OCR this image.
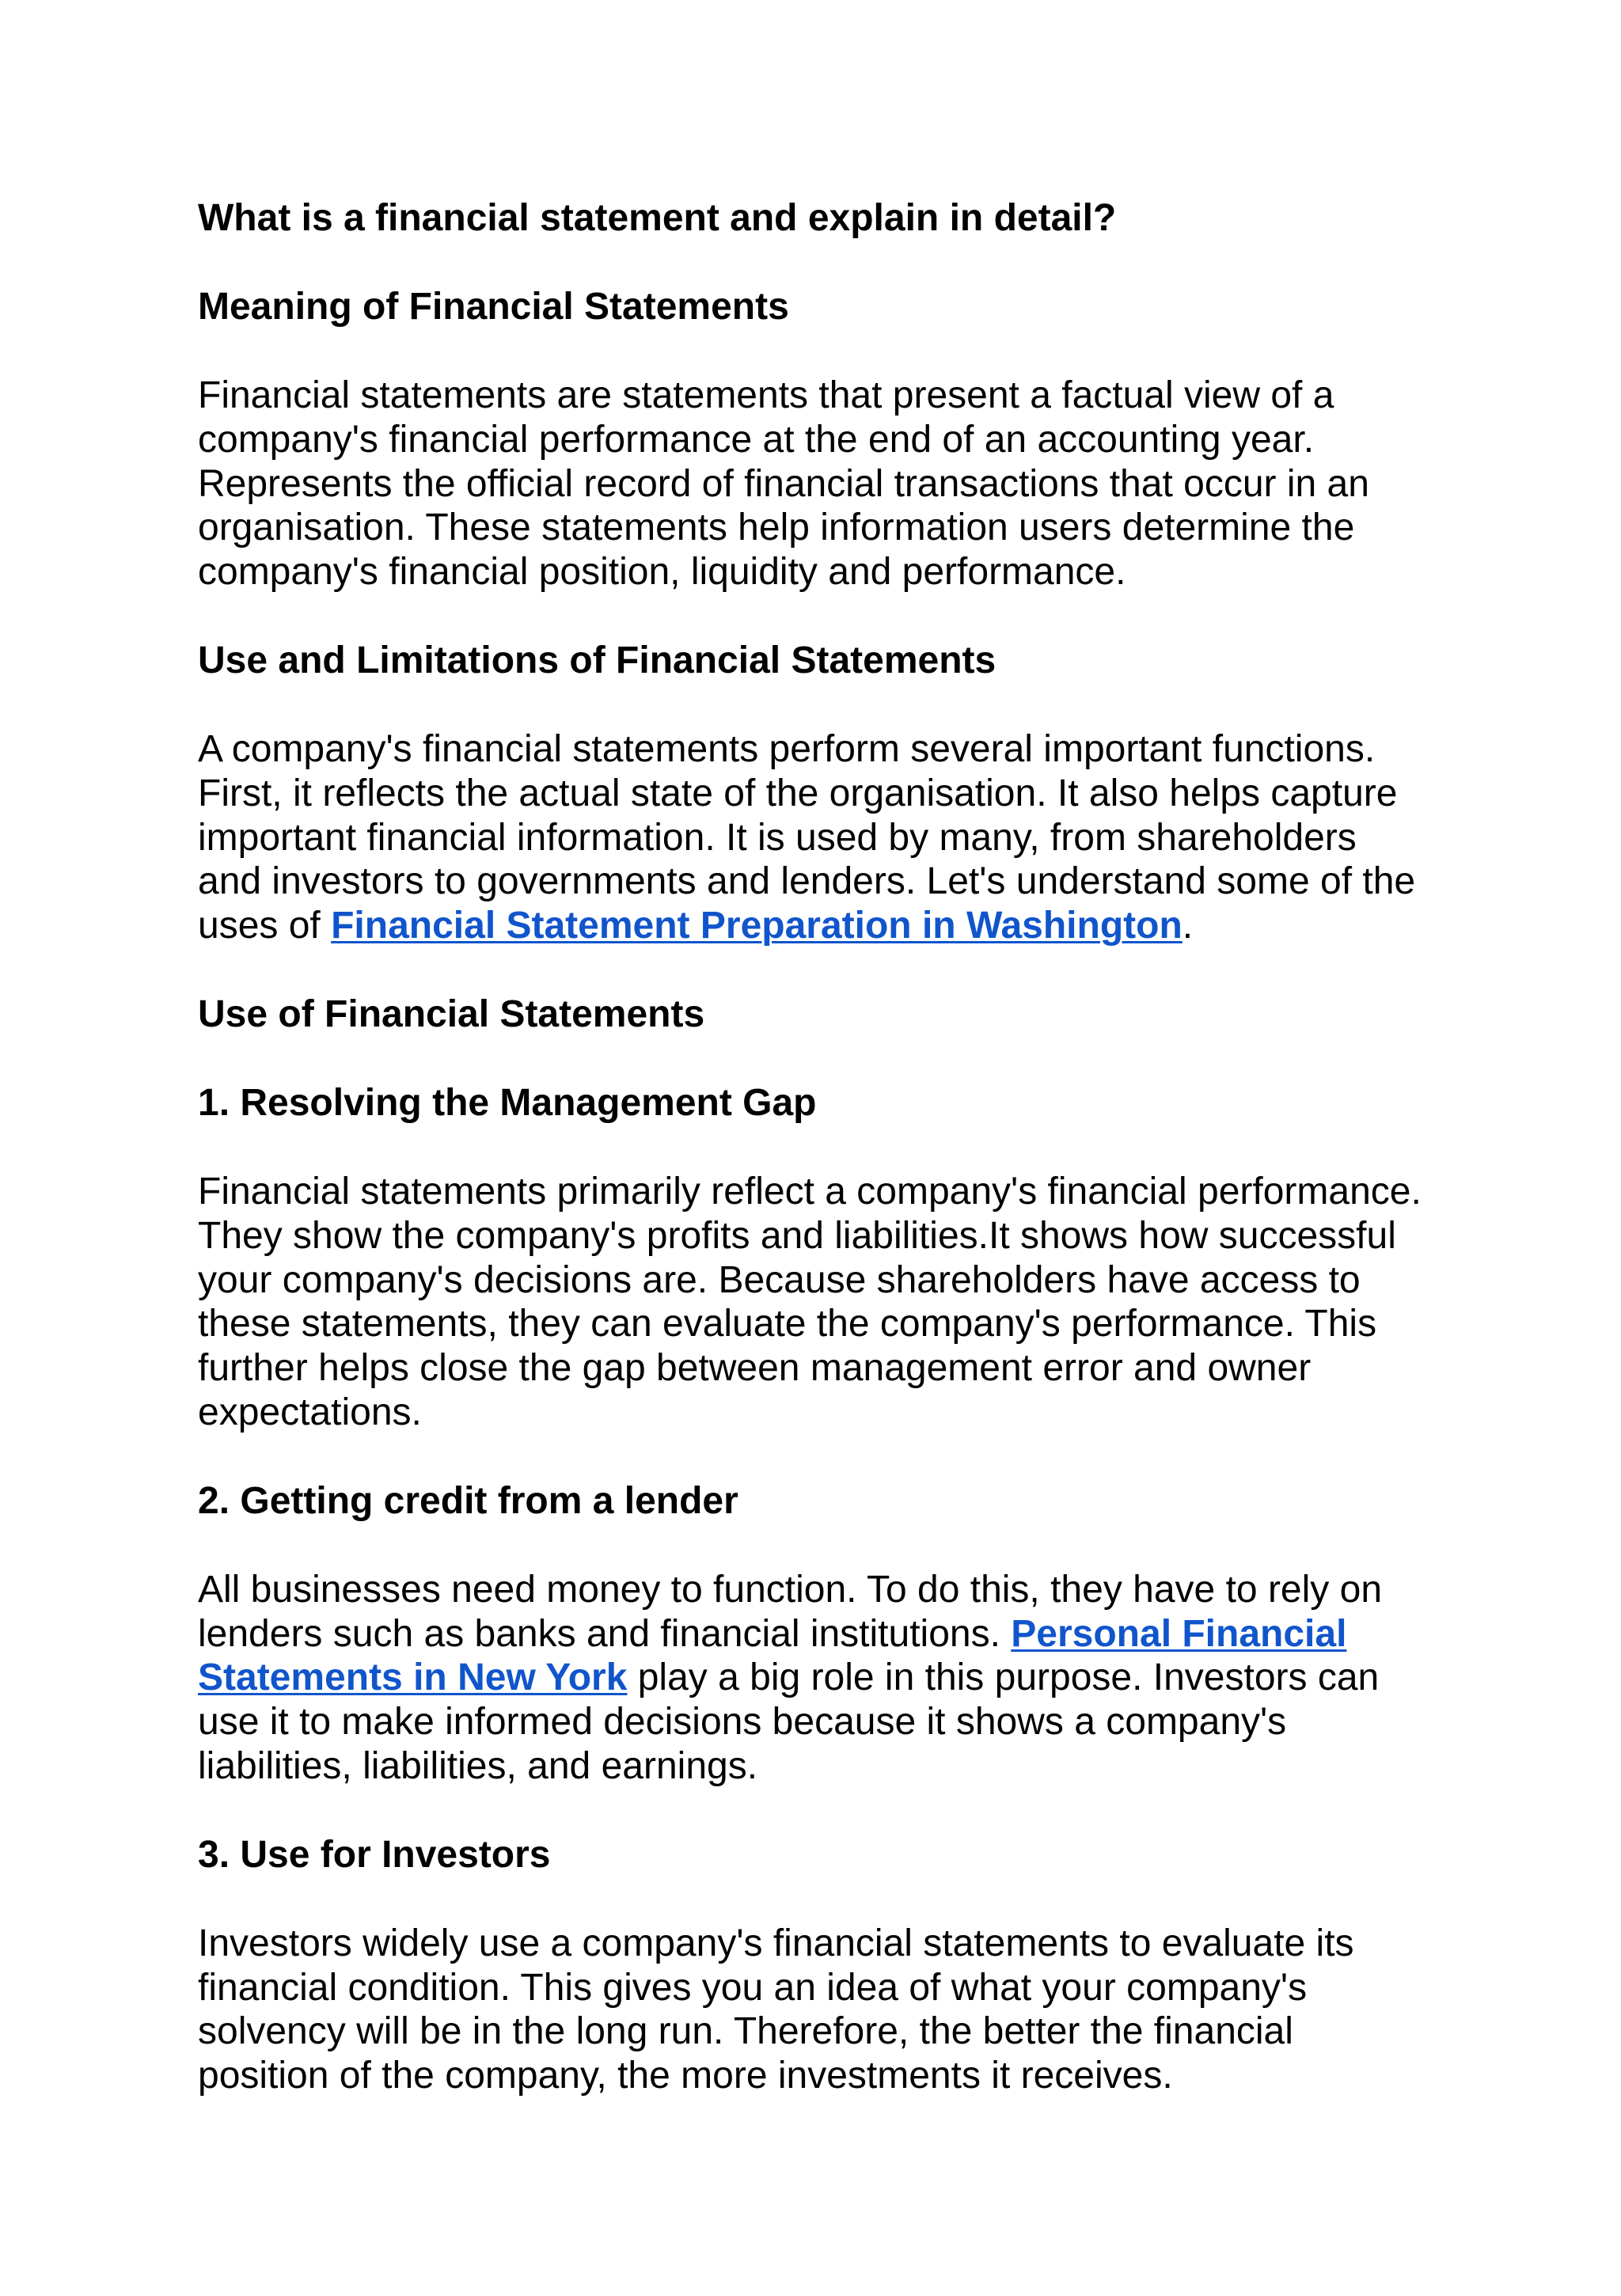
What is a financial statement and explain in detail?
Meaning of Financial Statements
Financial statements are statements that present a factual view of a
company's financial performance at the end of an accounting year.
Represents the official record of financial transactions that occur in an
organisation. These statements help information users determine the
company's financial position, liquidity and performance.
Use and Limitations of Financial Statements
A company's financial statements perform several important functions.
First, it reflects the actual state of the organisation. It also helps capture
important financial information. It is used by many, from shareholders
and investors to governments and lenders. Let's understand some of the
uses of Financial Statement Preparation in Washington.
Use of Financial Statements
1. Resolving the Management Gap
Financial statements primarily reflect a company's financial performance.
They show the company's profits and liabilities.It shows how successful
your company's decisions are. Because shareholders have access to
these statements, they can evaluate the company's performance. This
further helps close the gap between management error and owner
expectations.
2. Getting credit from a lender
All businesses need money to function. To do this, they have to rely on
lenders such as banks and financial institutions. Personal Financial
Statements in New York play a big role in this purpose. Investors can
use it to make informed decisions because it shows a company's
liabilities, liabilities, and earnings.
3. Use for Investors
Investors widely use a company's financial statements to evaluate its
financial condition. This gives you an idea of what your company's
solvency will be in the long run. Therefore, the better the financial
position of the company, the more investments it receives.
